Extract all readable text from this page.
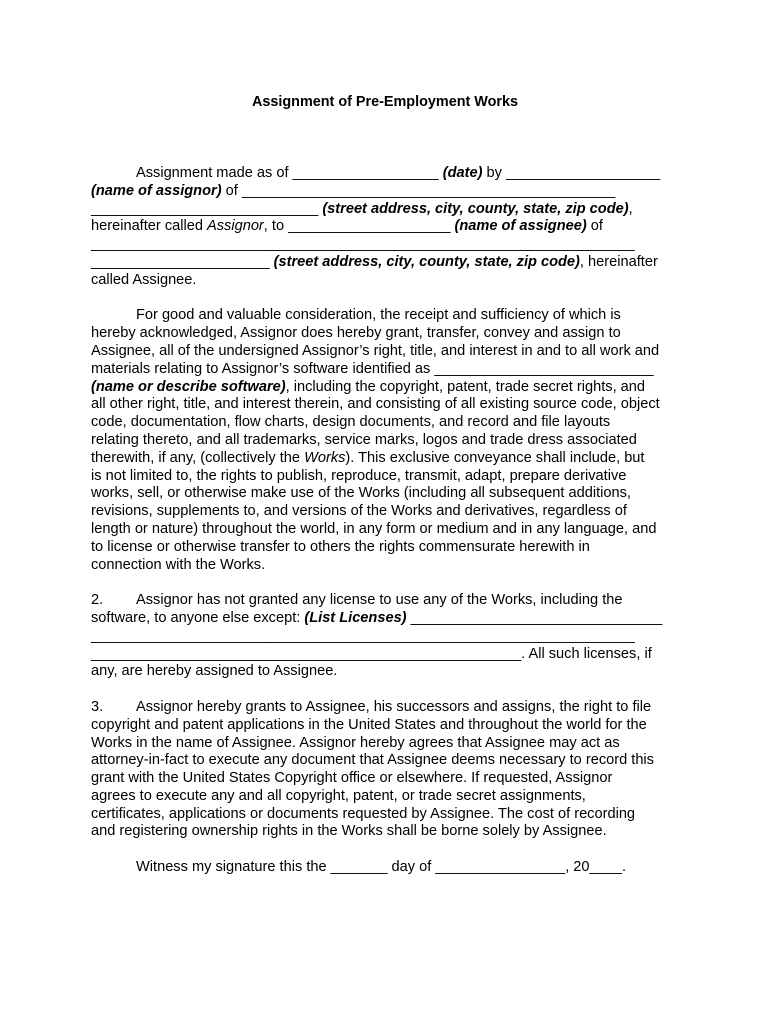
Assignment of Pre-Employment Works
Assignment made as of __________________ (date) by ___________________
(name of assignor) of ______________________________________________
____________________________ (street address, city, county, state, zip code),
hereinafter called Assignor, to ____________________ (name of assignee) of
___________________________________________________________________
______________________ (street address, city, county, state, zip code), hereinafter
called Assignee.
For good and valuable consideration, the receipt and sufficiency of which is
hereby acknowledged, Assignor does hereby grant, transfer, convey and assign to
Assignee, all of the undersigned Assignor’s right, title, and interest in and to all work and
materials relating to Assignor’s software identified as ___________________________
(name or describe software), including the copyright, patent, trade secret rights, and
all other right, title, and interest therein, and consisting of all existing source code, object
code, documentation, flow charts, design documents, and record and file layouts
relating thereto, and all trademarks, service marks, logos and trade dress associated
therewith, if any, (collectively the Works). This exclusive conveyance shall include, but
is not limited to, the rights to publish, reproduce, transmit, adapt, prepare derivative
works, sell, or otherwise make use of the Works (including all subsequent additions,
revisions, supplements to, and versions of the Works and derivatives, regardless of
length or nature) throughout the world, in any form or medium and in any language, and
to license or otherwise transfer to others the rights commensurate herewith in
connection with the Works.
2. Assignor has not granted any license to use any of the Works, including the
software, to anyone else except: (List Licenses) _______________________________
___________________________________________________________________
_____________________________________________________. All such licenses, if
any, are hereby assigned to Assignee.
3. Assignor hereby grants to Assignee, his successors and assigns, the right to file
copyright and patent applications in the United States and throughout the world for the
Works in the name of Assignee. Assignor hereby agrees that Assignee may act as
attorney-in-fact to execute any document that Assignee deems necessary to record this
grant with the United States Copyright office or elsewhere. If requested, Assignor
agrees to execute any and all copyright, patent, or trade secret assignments,
certificates, applications or documents requested by Assignee. The cost of recording
and registering ownership rights in the Works shall be borne solely by Assignee.
Witness my signature this the _______ day of ________________, 20____.
